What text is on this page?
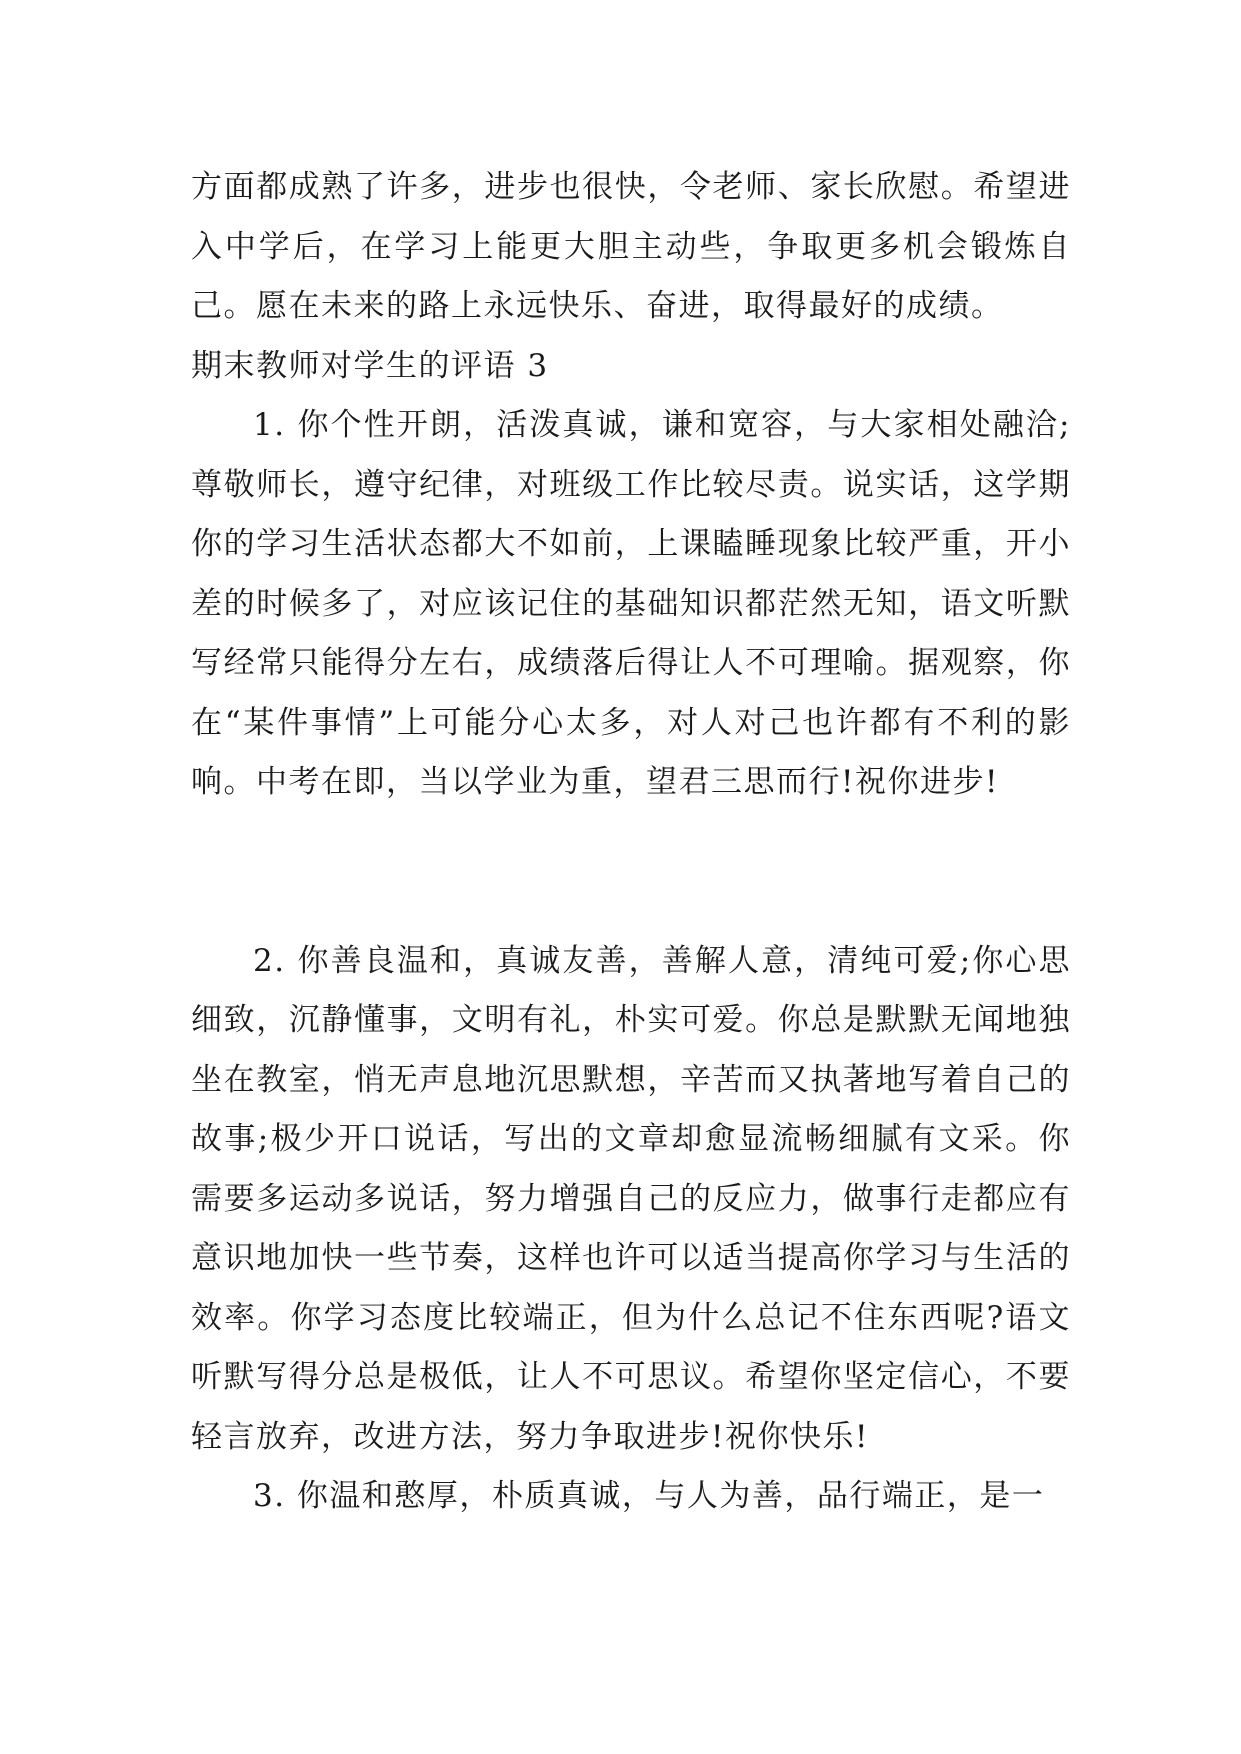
方面都成熟了许多，进步也很快，令老师、家长欣慰。希望进入中学后，在学习上能更大胆主动些，争取更多机会锻炼自己。愿在未来的路上永远快乐、奋进，取得最好的成绩。

期末教师对学生的评语 3

1. 你个性开朗，活泼真诚，谦和宽容，与大家相处融洽;尊敬师长，遵守纪律，对班级工作比较尽责。说实话，这学期你的学习生活状态都大不如前，上课瞌睡现象比较严重，开小差的时候多了，对应该记住的基础知识都茫然无知，语文听默写经常只能得分左右，成绩落后得让人不可理喻。据观察，你在“某件事情”上可能分心太多，对人对己也许都有不利的影响。中考在即，当以学业为重，望君三思而行!祝你进步!

2. 你善良温和，真诚友善，善解人意，清纯可爱;你心思细致，沉静懂事，文明有礼，朴实可爱。你总是默默无闻地独坐在教室，悄无声息地沉思默想，辛苦而又执著地写着自己的故事;极少开口说话，写出的文章却愈显流畅细腻有文采。你需要多运动多说话，努力增强自己的反应力，做事行走都应有意识地加快一些节奏，这样也许可以适当提高你学习与生活的效率。你学习态度比较端正，但为什么总记不住东西呢?语文听默写得分总是极低，让人不可思议。希望你坚定信心，不要轻言放弃，改进方法，努力争取进步!祝你快乐!

3. 你温和憨厚，朴质真诚，与人为善，品行端正，是一
